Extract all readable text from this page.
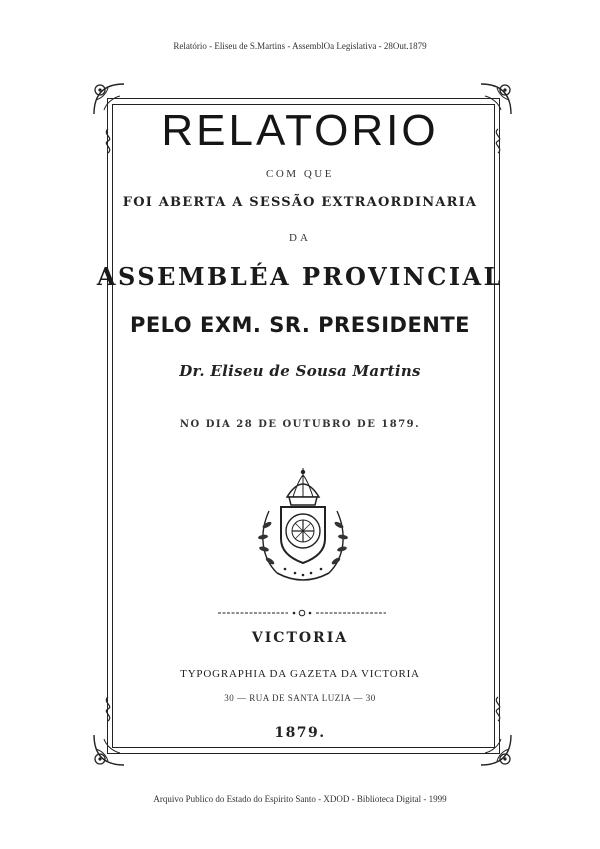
Relatório - Eliseu de S.Martins - AssemblOa Legislativa - 28Out.1879
RELATORIO
COM QUE
FOI ABERTA A SESSÃO EXTRAORDINARIA
DA
ASSEMBLÉA PROVINCIAL
PELO EXM. SR. PRESIDENTE
Dr. Eliseu de Sousa Martins
NO DIA 28 DE OUTUBRO DE 1879.
VICTORIA
TYPOGRAPHIA DA GAZETA DA VICTORIA
30 — RUA DE SANTA LUZIA — 30
1879.
Arquivo Publico do Estado do Espírito Santo - XDOD - Biblioteca Digital - 1999
